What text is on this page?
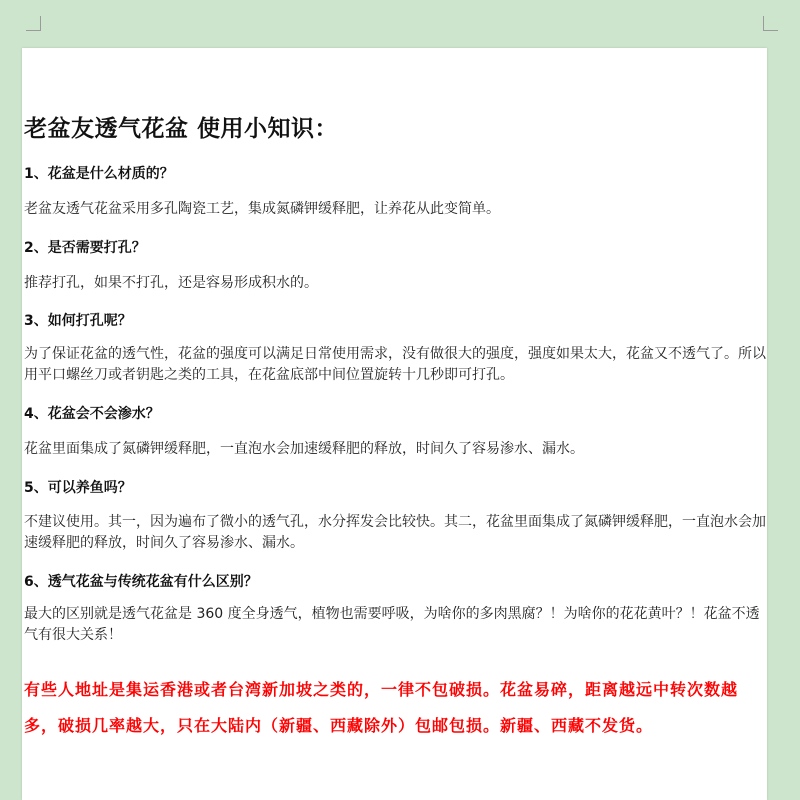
老盆友透气花盆 使用小知识：

1、花盆是什么材质的？

老盆友透气花盆采用多孔陶瓷工艺，集成氮磷钾缓释肥，让养花从此变简单。

2、是否需要打孔？

推荐打孔，如果不打孔，还是容易形成积水的。

3、如何打孔呢？

为了保证花盆的透气性，花盆的强度可以满足日常使用需求，没有做很大的强度，强度如果太大，花盆又不透气了。所以用平口螺丝刀或者钥匙之类的工具，在花盆底部中间位置旋转十几秒即可打孔。

4、花盆会不会渗水？

花盆里面集成了氮磷钾缓释肥，一直泡水会加速缓释肥的释放，时间久了容易渗水、漏水。

5、可以养鱼吗？

不建议使用。其一，因为遍布了微小的透气孔，水分挥发会比较快。其二，花盆里面集成了氮磷钾缓释肥，一直泡水会加速缓释肥的释放，时间久了容易渗水、漏水。

6、透气花盆与传统花盆有什么区别？

最大的区别就是透气花盆是 360 度全身透气，植物也需要呼吸，为啥你的多肉黑腐？！为啥你的花花黄叶？！花盆不透气有很大关系！

有些人地址是集运香港或者台湾新加坡之类的，一律不包破损。花盆易碎，距离越远中转次数越多，破损几率越大，只在大陆内（新疆、西藏除外）包邮包损。新疆、西藏不发货。
